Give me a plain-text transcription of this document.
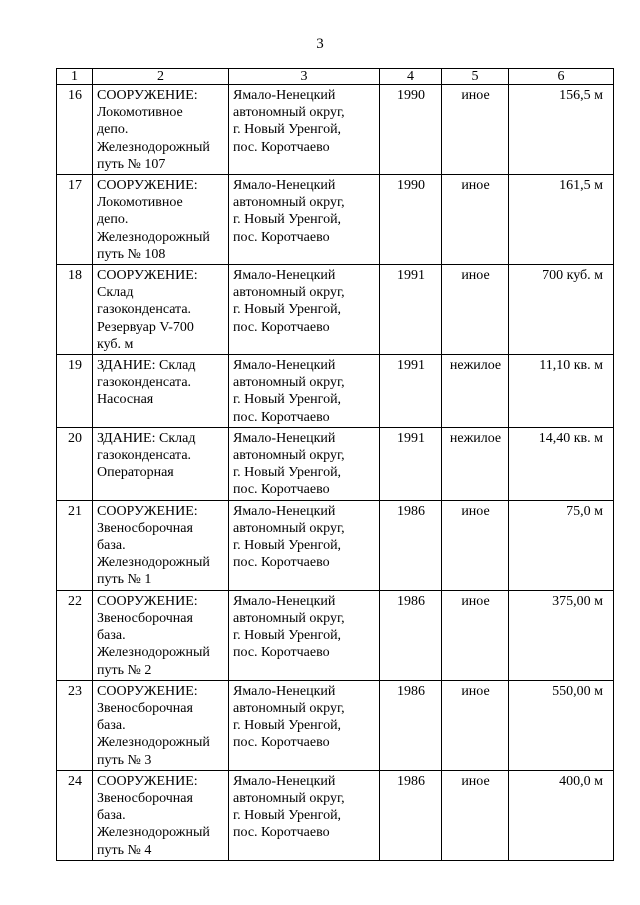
3
1	2	3	4	5	6
16	СООРУЖЕНИЕ:
Локомотивное
депо.
Железнодорожный
путь № 107	Ямало-Ненецкий
автономный округ,
г. Новый Уренгой,
пос. Коротчаево	1990	иное	156,5 м
17	СООРУЖЕНИЕ:
Локомотивное
депо.
Железнодорожный
путь № 108	Ямало-Ненецкий
автономный округ,
г. Новый Уренгой,
пос. Коротчаево	1990	иное	161,5 м
18	СООРУЖЕНИЕ:
Склад
газоконденсата.
Резервуар V-700
куб. м	Ямало-Ненецкий
автономный округ,
г. Новый Уренгой,
пос. Коротчаево	1991	иное	700 куб. м
19	ЗДАНИЕ: Склад
газоконденсата.
Насосная	Ямало-Ненецкий
автономный округ,
г. Новый Уренгой,
пос. Коротчаево	1991	нежилое	11,10 кв. м
20	ЗДАНИЕ: Склад
газоконденсата.
Операторная	Ямало-Ненецкий
автономный округ,
г. Новый Уренгой,
пос. Коротчаево	1991	нежилое	14,40 кв. м
21	СООРУЖЕНИЕ:
Звеносборочная
база.
Железнодорожный
путь № 1	Ямало-Ненецкий
автономный округ,
г. Новый Уренгой,
пос. Коротчаево	1986	иное	75,0 м
22	СООРУЖЕНИЕ:
Звеносборочная
база.
Железнодорожный
путь № 2	Ямало-Ненецкий
автономный округ,
г. Новый Уренгой,
пос. Коротчаево	1986	иное	375,00 м
23	СООРУЖЕНИЕ:
Звеносборочная
база.
Железнодорожный
путь № 3	Ямало-Ненецкий
автономный округ,
г. Новый Уренгой,
пос. Коротчаево	1986	иное	550,00 м
24	СООРУЖЕНИЕ:
Звеносборочная
база.
Железнодорожный
путь № 4	Ямало-Ненецкий
автономный округ,
г. Новый Уренгой,
пос. Коротчаево	1986	иное	400,0 м
